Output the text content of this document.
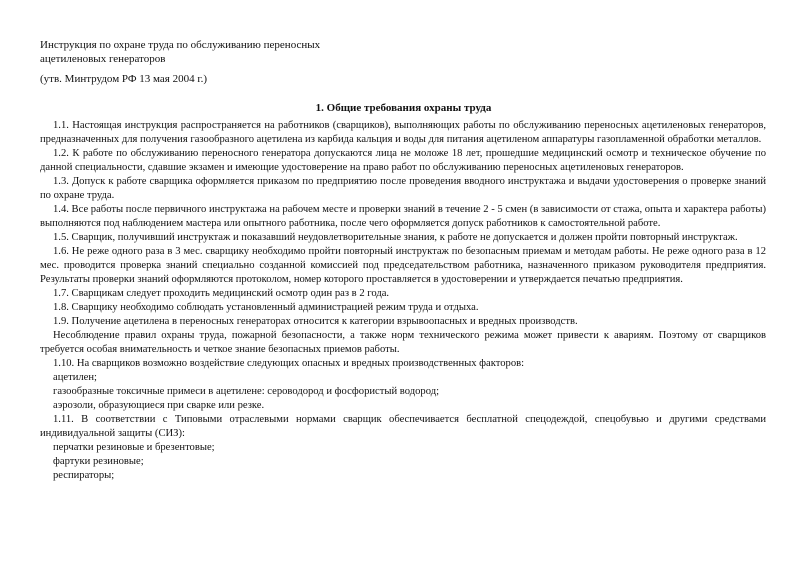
Инструкция по охране труда по обслуживанию переносных
ацетиленовых генераторов
(утв. Минтрудом РФ 13 мая 2004 г.)
1. Общие требования охраны труда

1.1. Настоящая инструкция распространяется на работников (сварщиков), выполняющих работы по обслуживанию переносных ацетиленовых генераторов, предназначенных для получения газообразного ацетилена из карбида кальция и воды для питания ацетиленом аппаратуры газопламенной обработки металлов.

1.2. К работе по обслуживанию переносного генератора допускаются лица не моложе 18 лет, прошедшие медицинский осмотр и техническое обучение по данной специальности, сдавшие экзамен и имеющие удостоверение на право работ по обслуживанию переносных ацетиленовых генераторов.

1.3. Допуск к работе сварщика оформляется приказом по предприятию после проведения вводного инструктажа и выдачи удостоверения о проверке знаний по охране труда.

1.4. Все работы после первичного инструктажа на рабочем месте и проверки знаний в течение 2 - 5 смен (в зависимости от стажа, опыта и характера работы) выполняются под наблюдением мастера или опытного работника, после чего оформляется допуск работников к самостоятельной работе.

1.5. Сварщик, получивший инструктаж и показавший неудовлетворительные знания, к работе не допускается и должен пройти повторный инструктаж.

1.6. Не реже одного раза в 3 мес. сварщику необходимо пройти повторный инструктаж по безопасным приемам и методам работы. Не реже одного раза в 12 мес. проводится проверка знаний специально созданной комиссией под председательством работника, назначенного приказом руководителя предприятия. Результаты проверки знаний оформляются протоколом, номер которого проставляется в удостоверении и утверждается печатью предприятия.

1.7. Сварщикам следует проходить медицинский осмотр один раз в 2 года.

1.8. Сварщику необходимо соблюдать установленный администрацией режим труда и отдыха.

1.9. Получение ацетилена в переносных генераторах относится к категории взрывоопасных и вредных производств.

Несоблюдение правил охраны труда, пожарной безопасности, а также норм технического режима может привести к авариям. Поэтому от сварщиков требуется особая внимательность и четкое знание безопасных приемов работы.

1.10. На сварщиков возможно воздействие следующих опасных и вредных производственных факторов:

ацетилен;

газообразные токсичные примеси в ацетилене: сероводород и фосфористый водород;

аэрозоли, образующиеся при сварке или резке.

1.11. В соответствии с Типовыми отраслевыми нормами сварщик обеспечивается бесплатной спецодеждой, спецобувью и другими средствами индивидуальной защиты (СИЗ):

перчатки резиновые и брезентовые;

фартуки резиновые;

респираторы;
